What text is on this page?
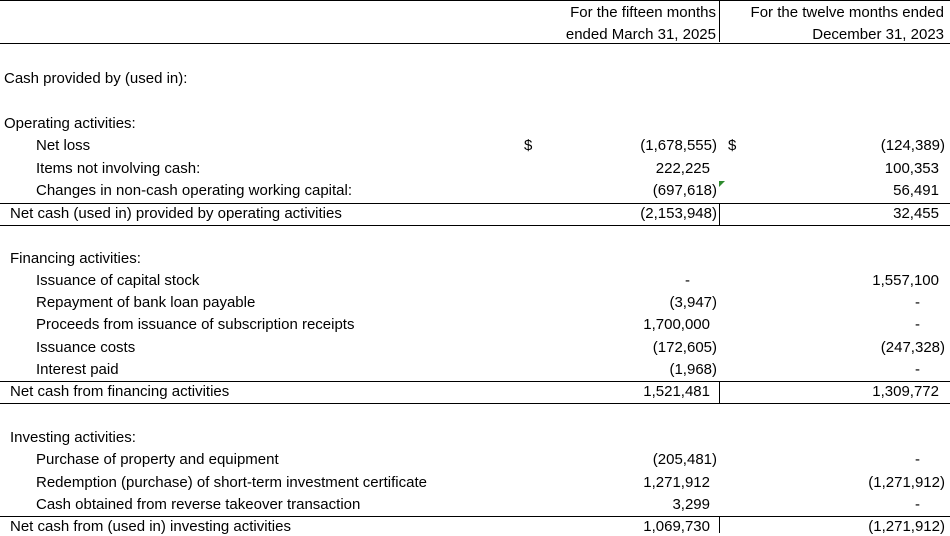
For the fifteen months
ended March 31, 2025
For the twelve months ended
December 31, 2023
Cash provided by (used in):
Operating activities:
Net loss	$	(1,678,555) $	(124,389)
Items not involving cash:	222,225	100,353
Changes in non-cash operating working capital:	(697,618)	56,491
Net cash (used in) provided by operating activities	(2,153,948)	32,455
Financing activities:
Issuance of capital stock	-	1,557,100
Repayment of bank loan payable	(3,947)	-
Proceeds from issuance of subscription receipts	1,700,000	-
Issuance costs	(172,605)	(247,328)
Interest paid	(1,968)	-
Net cash from financing activities	1,521,481	1,309,772
Investing activities:
Purchase of property and equipment	(205,481)	-
Redemption (purchase) of short-term investment certificate	1,271,912	(1,271,912)
Cash obtained from reverse takeover transaction	3,299	-
Net cash from (used in) investing activities	1,069,730	(1,271,912)
